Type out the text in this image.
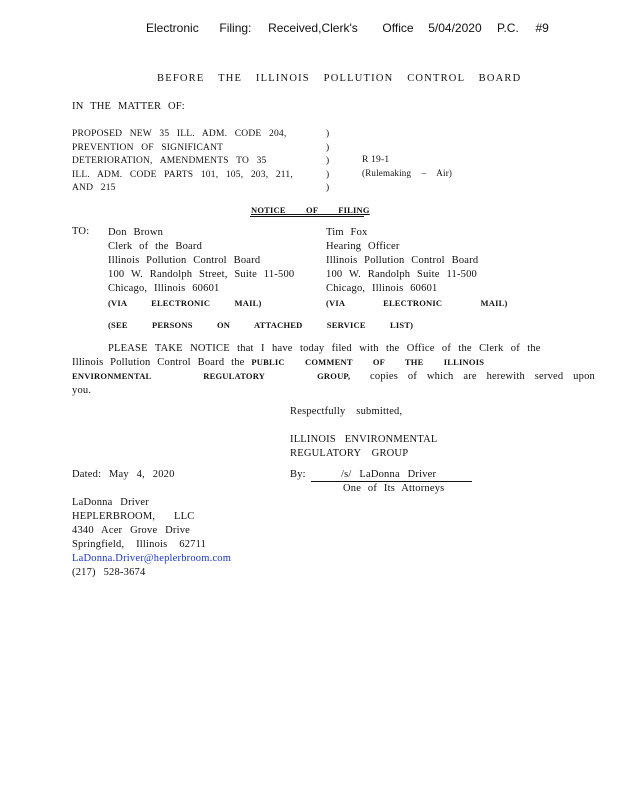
Electronic Filing: Received,Clerk's Office 5/04/2020 P.C. #9
BEFORE THE ILLINOIS POLLUTION CONTROL BOARD
IN THE MATTER OF:
PROPOSED NEW 35 ILL. ADM. CODE 204,
PREVENTION OF SIGNIFICANT
DETERIORATION, AMENDMENTS TO 35
ILL. ADM. CODE PARTS 101, 105, 203, 211,
AND 215
)
)
)
)
)
R 19-1
(Rulemaking – Air)
NOTICE OF FILING
TO: Don Brown
Clerk of the Board
Illinois Pollution Control Board
100 W. Randolph Street, Suite 11-500
Chicago, Illinois 60601
(VIA ELECTRONIC MAIL)
Tim Fox
Hearing Officer
Illinois Pollution Control Board
100 W. Randolph Suite 11-500
Chicago, Illinois 60601
(VIA ELECTRONIC MAIL)
(SEE PERSONS ON ATTACHED SERVICE LIST)
PLEASE TAKE NOTICE that I have today filed with the Office of the Clerk of the
Illinois Pollution Control Board the PUBLIC COMMENT OF THE ILLINOIS
ENVIRONMENTAL REGULATORY GROUP, copies of which are herewith served upon
you.
Respectfully submitted,
ILLINOIS ENVIRONMENTAL
REGULATORY GROUP
Dated: May 4, 2020	By:	/s/ LaDonna Driver
One of Its Attorneys
LaDonna Driver
HEPLERBROOM, LLC
4340 Acer Grove Drive
Springfield, Illinois 62711
LaDonna.Driver@heplerbroom.com
(217) 528-3674
